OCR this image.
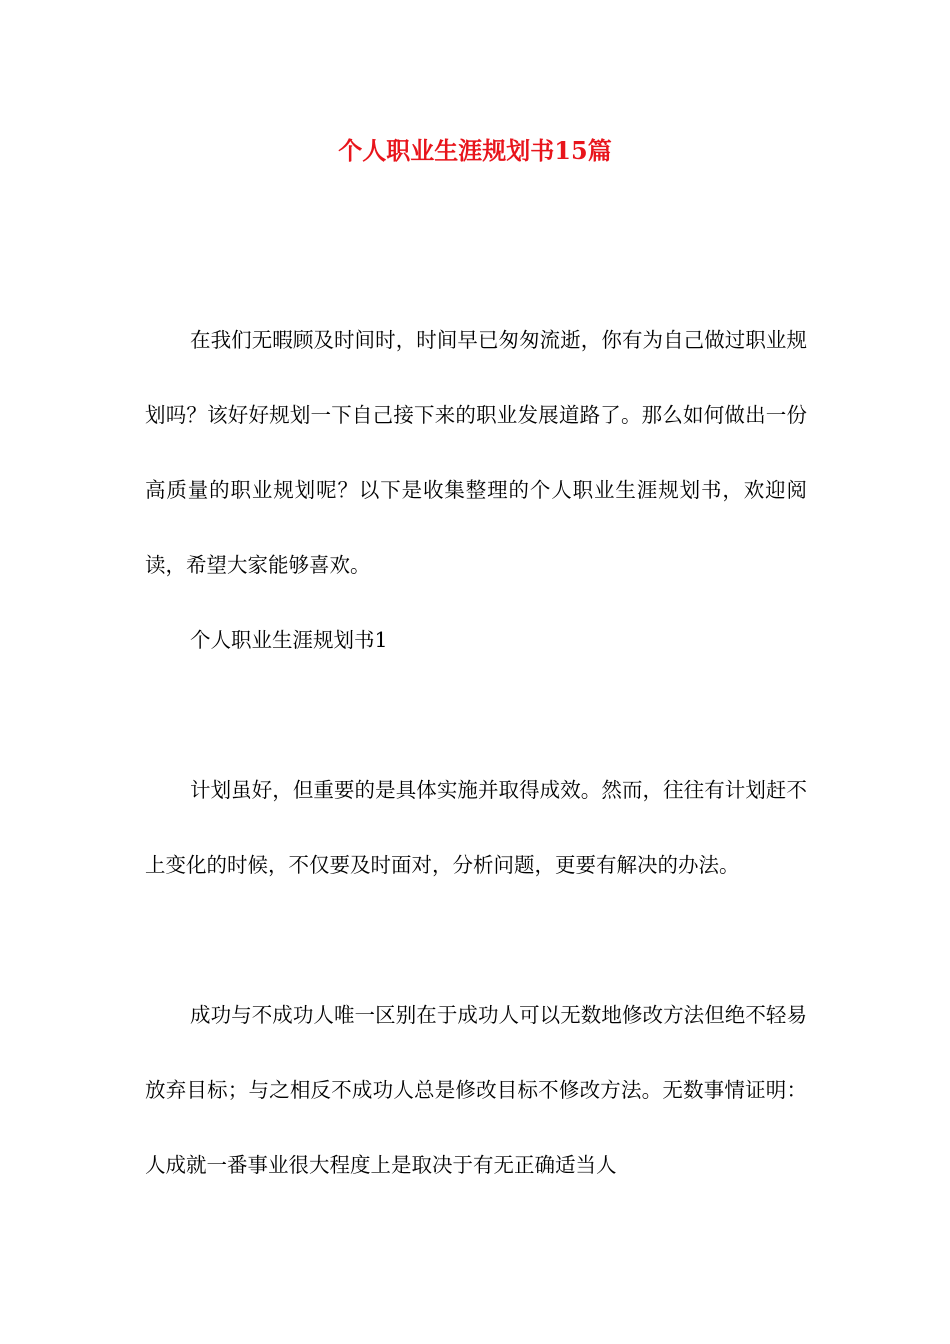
个人职业生涯规划书15篇

在我们无暇顾及时间时，时间早已匆匆流逝，你有为自己做过职业规划吗？该好好规划一下自己接下来的职业发展道路了。那么如何做出一份高质量的职业规划呢？以下是收集整理的个人职业生涯规划书，欢迎阅读，希望大家能够喜欢。

个人职业生涯规划书1

计划虽好，但重要的是具体实施并取得成效。然而，往往有计划赶不上变化的时候，不仅要及时面对，分析问题，更要有解决的办法。

成功与不成功人唯一区别在于成功人可以无数地修改方法但绝不轻易放弃目标；与之相反不成功人总是修改目标不修改方法。无数事情证明：人成就一番事业很大程度上是取决于有无正确适当人
